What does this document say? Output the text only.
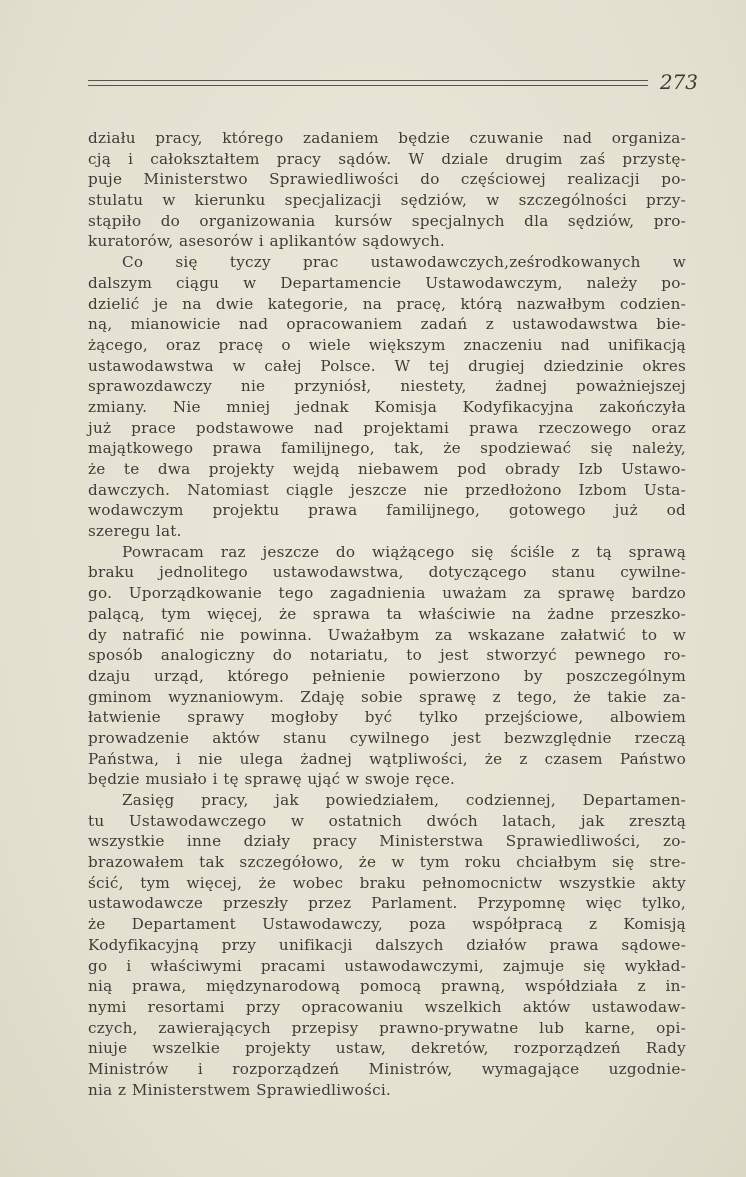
273
działu pracy, którego zadaniem będzie czuwanie nad organiza-
cją i całokształtem pracy sądów. W dziale drugim zaś przystę-
puje Ministerstwo Sprawiedliwości do częściowej realizacji po-
stulatu w kierunku specjalizacji sędziów, w szczególności przy-
stąpiło do organizowania kursów specjalnych dla sędziów, pro-
kuratorów, asesorów i aplikantów sądowych.
Co się tyczy prac ustawodawczych,ześrodkowanych w
dalszym ciągu w Departamencie Ustawodawczym, należy po-
dzielić je na dwie kategorie, na pracę, którą nazwałbym codzien-
ną, mianowicie nad opracowaniem zadań z ustawodawstwa bie-
żącego, oraz pracę o wiele większym znaczeniu nad unifikacją
ustawodawstwa w całej Polsce. W tej drugiej dziedzinie okres
sprawozdawczy nie przyniósł, niestety, żadnej poważniejszej
zmiany. Nie mniej jednak Komisja Kodyfikacyjna zakończyła
już prace podstawowe nad projektami prawa rzeczowego oraz
majątkowego prawa familijnego, tak, że spodziewać się należy,
że te dwa projekty wejdą niebawem pod obrady Izb Ustawo-
dawczych. Natomiast ciągle jeszcze nie przedłożono Izbom Usta-
wodawczym projektu prawa familijnego, gotowego już od
szeregu lat.
Powracam raz jeszcze do wiążącego się ściśle z tą sprawą
braku jednolitego ustawodawstwa, dotyczącego stanu cywilne-
go. Uporządkowanie tego zagadnienia uważam za sprawę bardzo
palącą, tym więcej, że sprawa ta właściwie na żadne przeszko-
dy natrafić nie powinna. Uważałbym za wskazane załatwić to w
sposób analogiczny do notariatu, to jest stworzyć pewnego ro-
dzaju urząd, którego pełnienie powierzono by poszczególnym
gminom wyznaniowym. Zdaję sobie sprawę z tego, że takie za-
łatwienie sprawy mogłoby być tylko przejściowe, albowiem
prowadzenie aktów stanu cywilnego jest bezwzględnie rzeczą
Państwa, i nie ulega żadnej wątpliwości, że z czasem Państwo
będzie musiało i tę sprawę ująć w swoje ręce.
Zasięg pracy, jak powiedziałem, codziennej, Departamen-
tu Ustawodawczego w ostatnich dwóch latach, jak zresztą
wszystkie inne działy pracy Ministerstwa Sprawiedliwości, zo-
brazowałem tak szczegółowo, że w tym roku chciałbym się stre-
ścić, tym więcej, że wobec braku pełnomocnictw wszystkie akty
ustawodawcze przeszły przez Parlament. Przypomnę więc tylko,
że Departament Ustawodawczy, poza współpracą z Komisją
Kodyfikacyjną przy unifikacji dalszych działów prawa sądowe-
go i właściwymi pracami ustawodawczymi, zajmuje się wykład-
nią prawa, międzynarodową pomocą prawną, współdziała z in-
nymi resortami przy opracowaniu wszelkich aktów ustawodaw-
czych, zawierających przepisy prawno-prywatne lub karne, opi-
niuje wszelkie projekty ustaw, dekretów, rozporządzeń Rady
Ministrów i rozporządzeń Ministrów, wymagające uzgodnie-
nia z Ministerstwem Sprawiedliwości.
